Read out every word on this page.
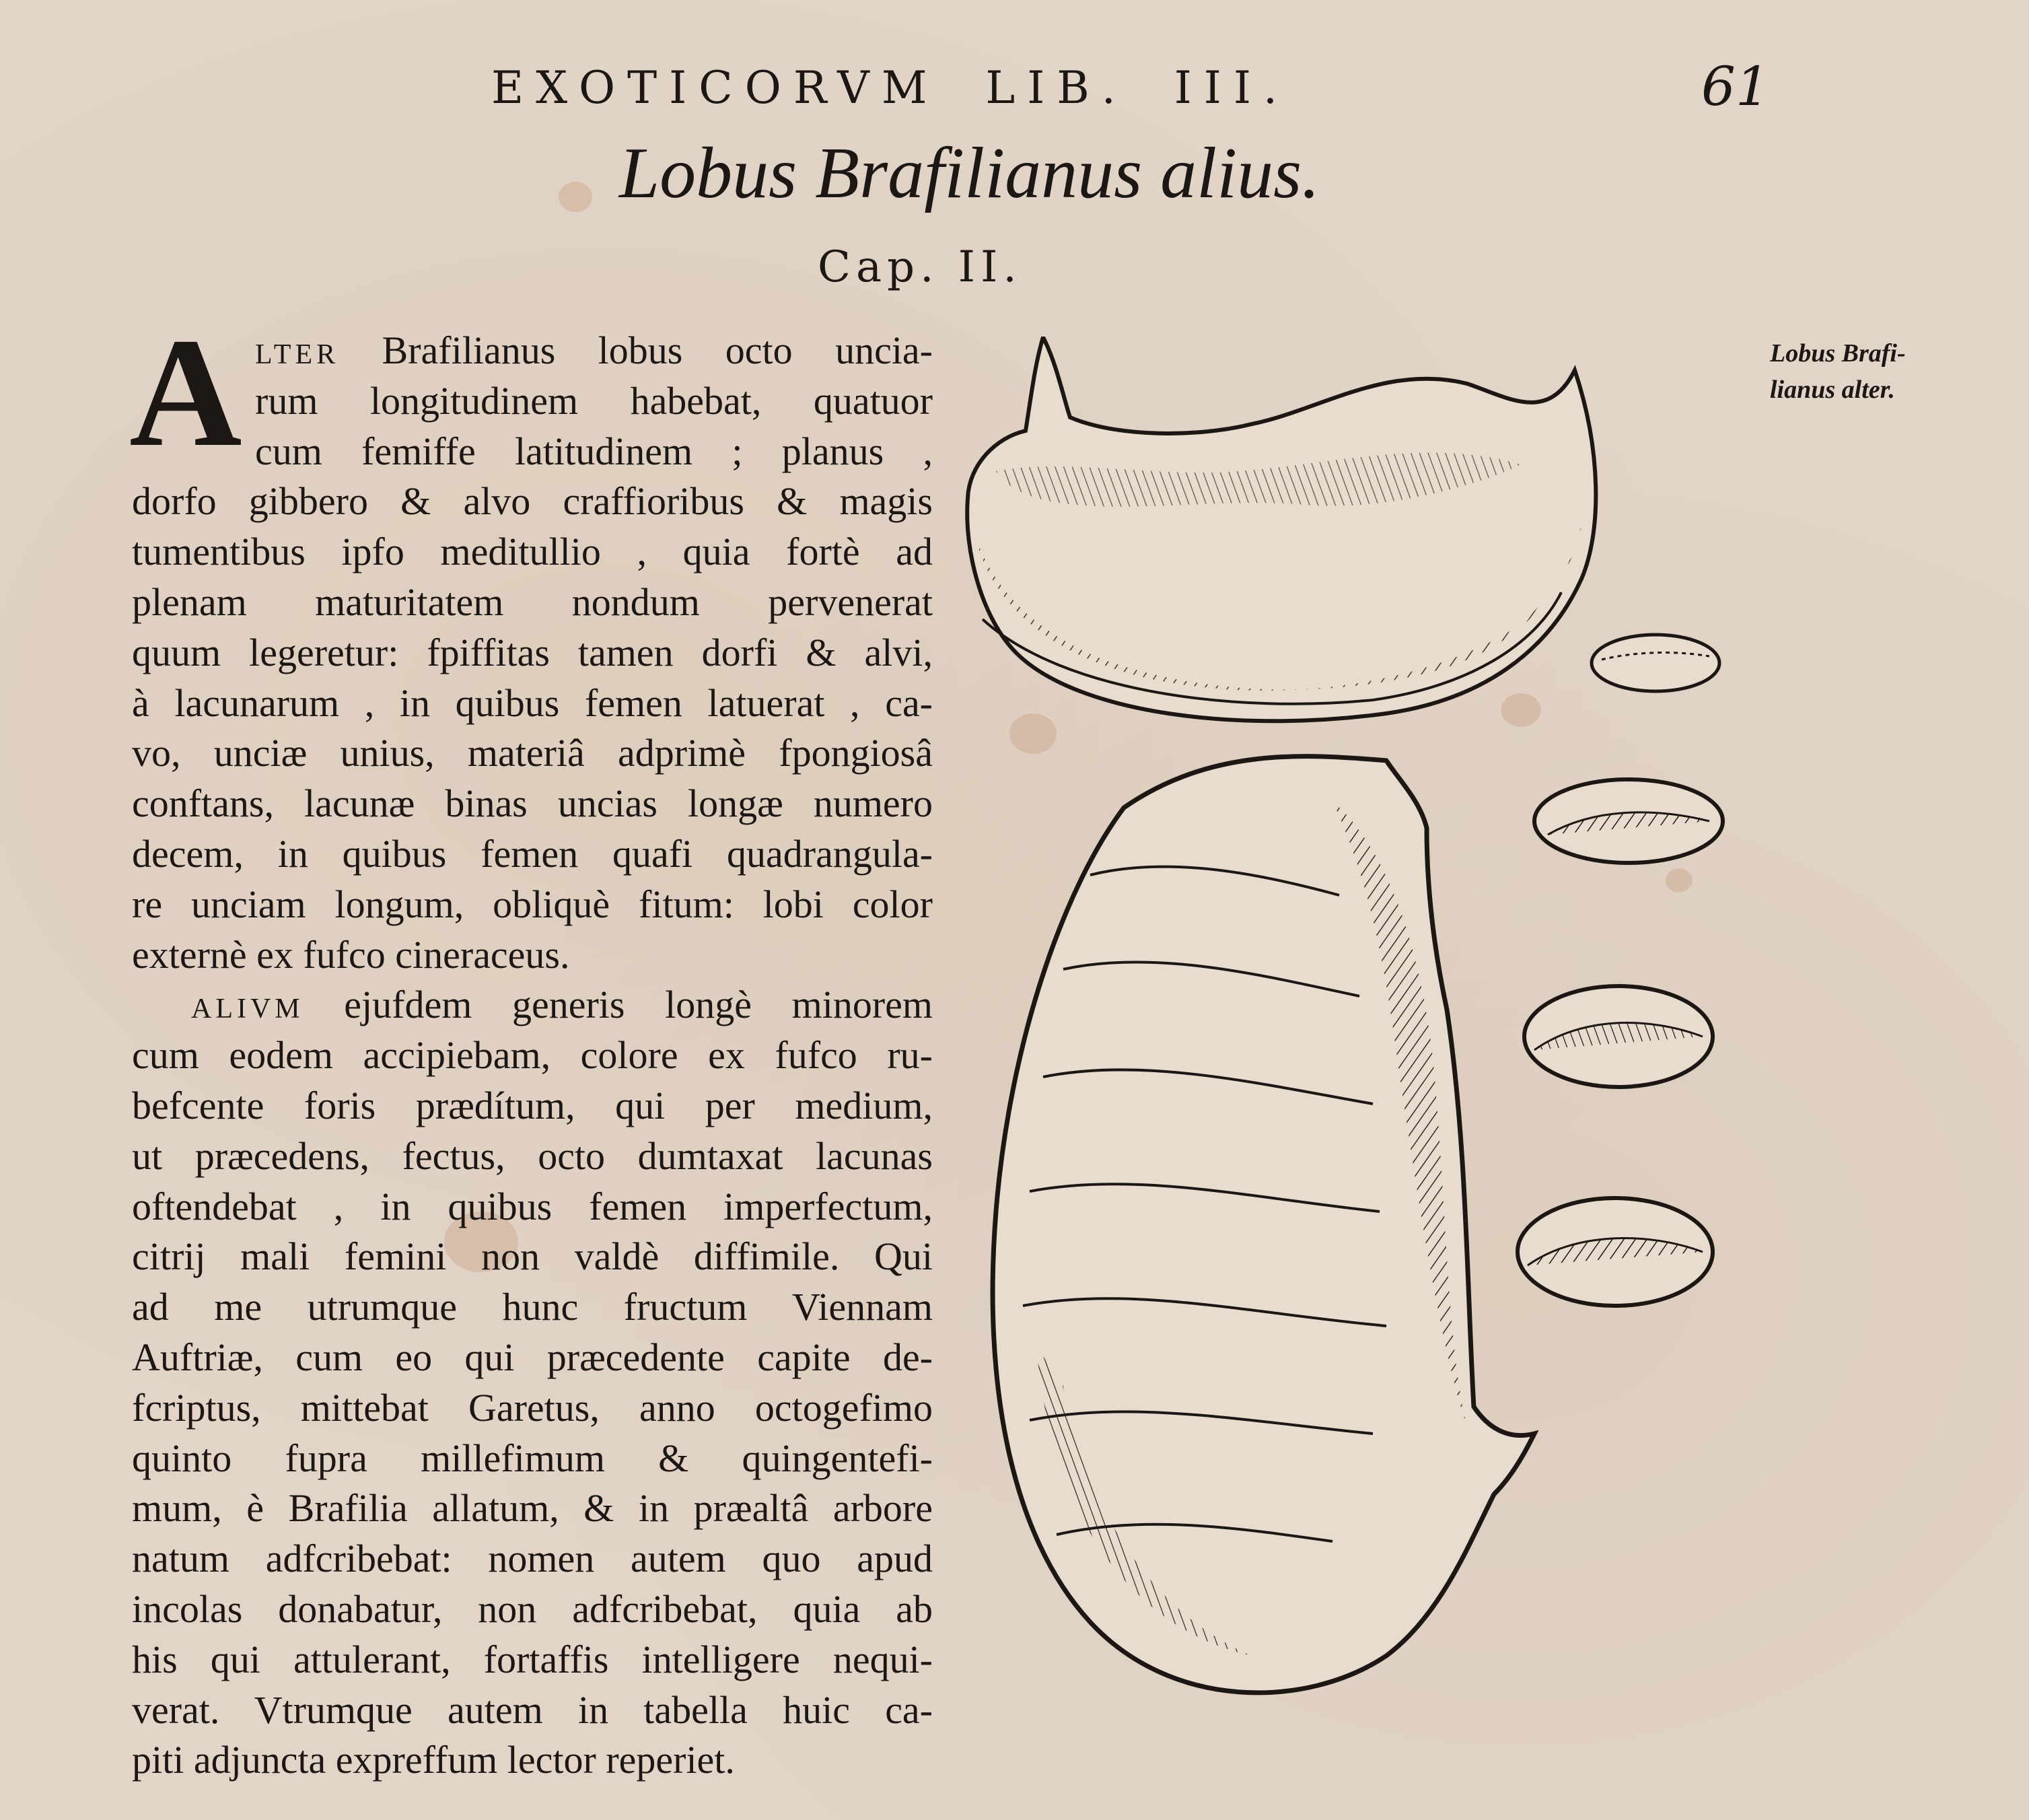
EXOTICORVM LIB. III.	61
Lobus Brafilianus alius.
Cap. II.
Lobus Brafi-
lianus alter.
A LTER Brafilianus lobus octo uncia-
rum longitudinem habebat, quatuor
cum femiffe latitudinem ; planus ,
dorfo gibbero & alvo craffioribus & magis
tumentibus ipfo meditullio , quia fortè ad
plenam maturitatem nondum pervenerat
quum legeretur: fpiffitas tamen dorfi & alvi,
à lacunarum , in quibus femen latuerat , ca-
vo, unciæ unius, materiâ adprimè fpongiosâ
conftans, lacunæ binas uncias longæ numero
decem, in quibus femen quafi quadrangula-
re unciam longum, obliquè fitum: lobi color
externè ex fufco cineraceus.
ALIVM ejufdem generis longè minorem
cum eodem accipiebam, colore ex fufco ru-
befcente foris prædítum, qui per medium,
ut præcedens, fectus, octo dumtaxat lacunas
oftendebat , in quibus femen imperfectum,
citrij mali femini non valdè diffimile. Qui
ad me utrumque hunc fructum Viennam
Auftriæ, cum eo qui præcedente capite de-
fcriptus, mittebat Garetus, anno octogefimo
quinto fupra millefimum & quingentefi-
mum, è Brafilia allatum, & in præaltâ arbore
natum adfcribebat: nomen autem quo apud
incolas donabatur, non adfcribebat, quia ab
his qui attulerant, fortaffis intelligere nequi-
verat. Vtrumque autem in tabella huic ca-
piti adjuncta expreffum lector reperiet.
